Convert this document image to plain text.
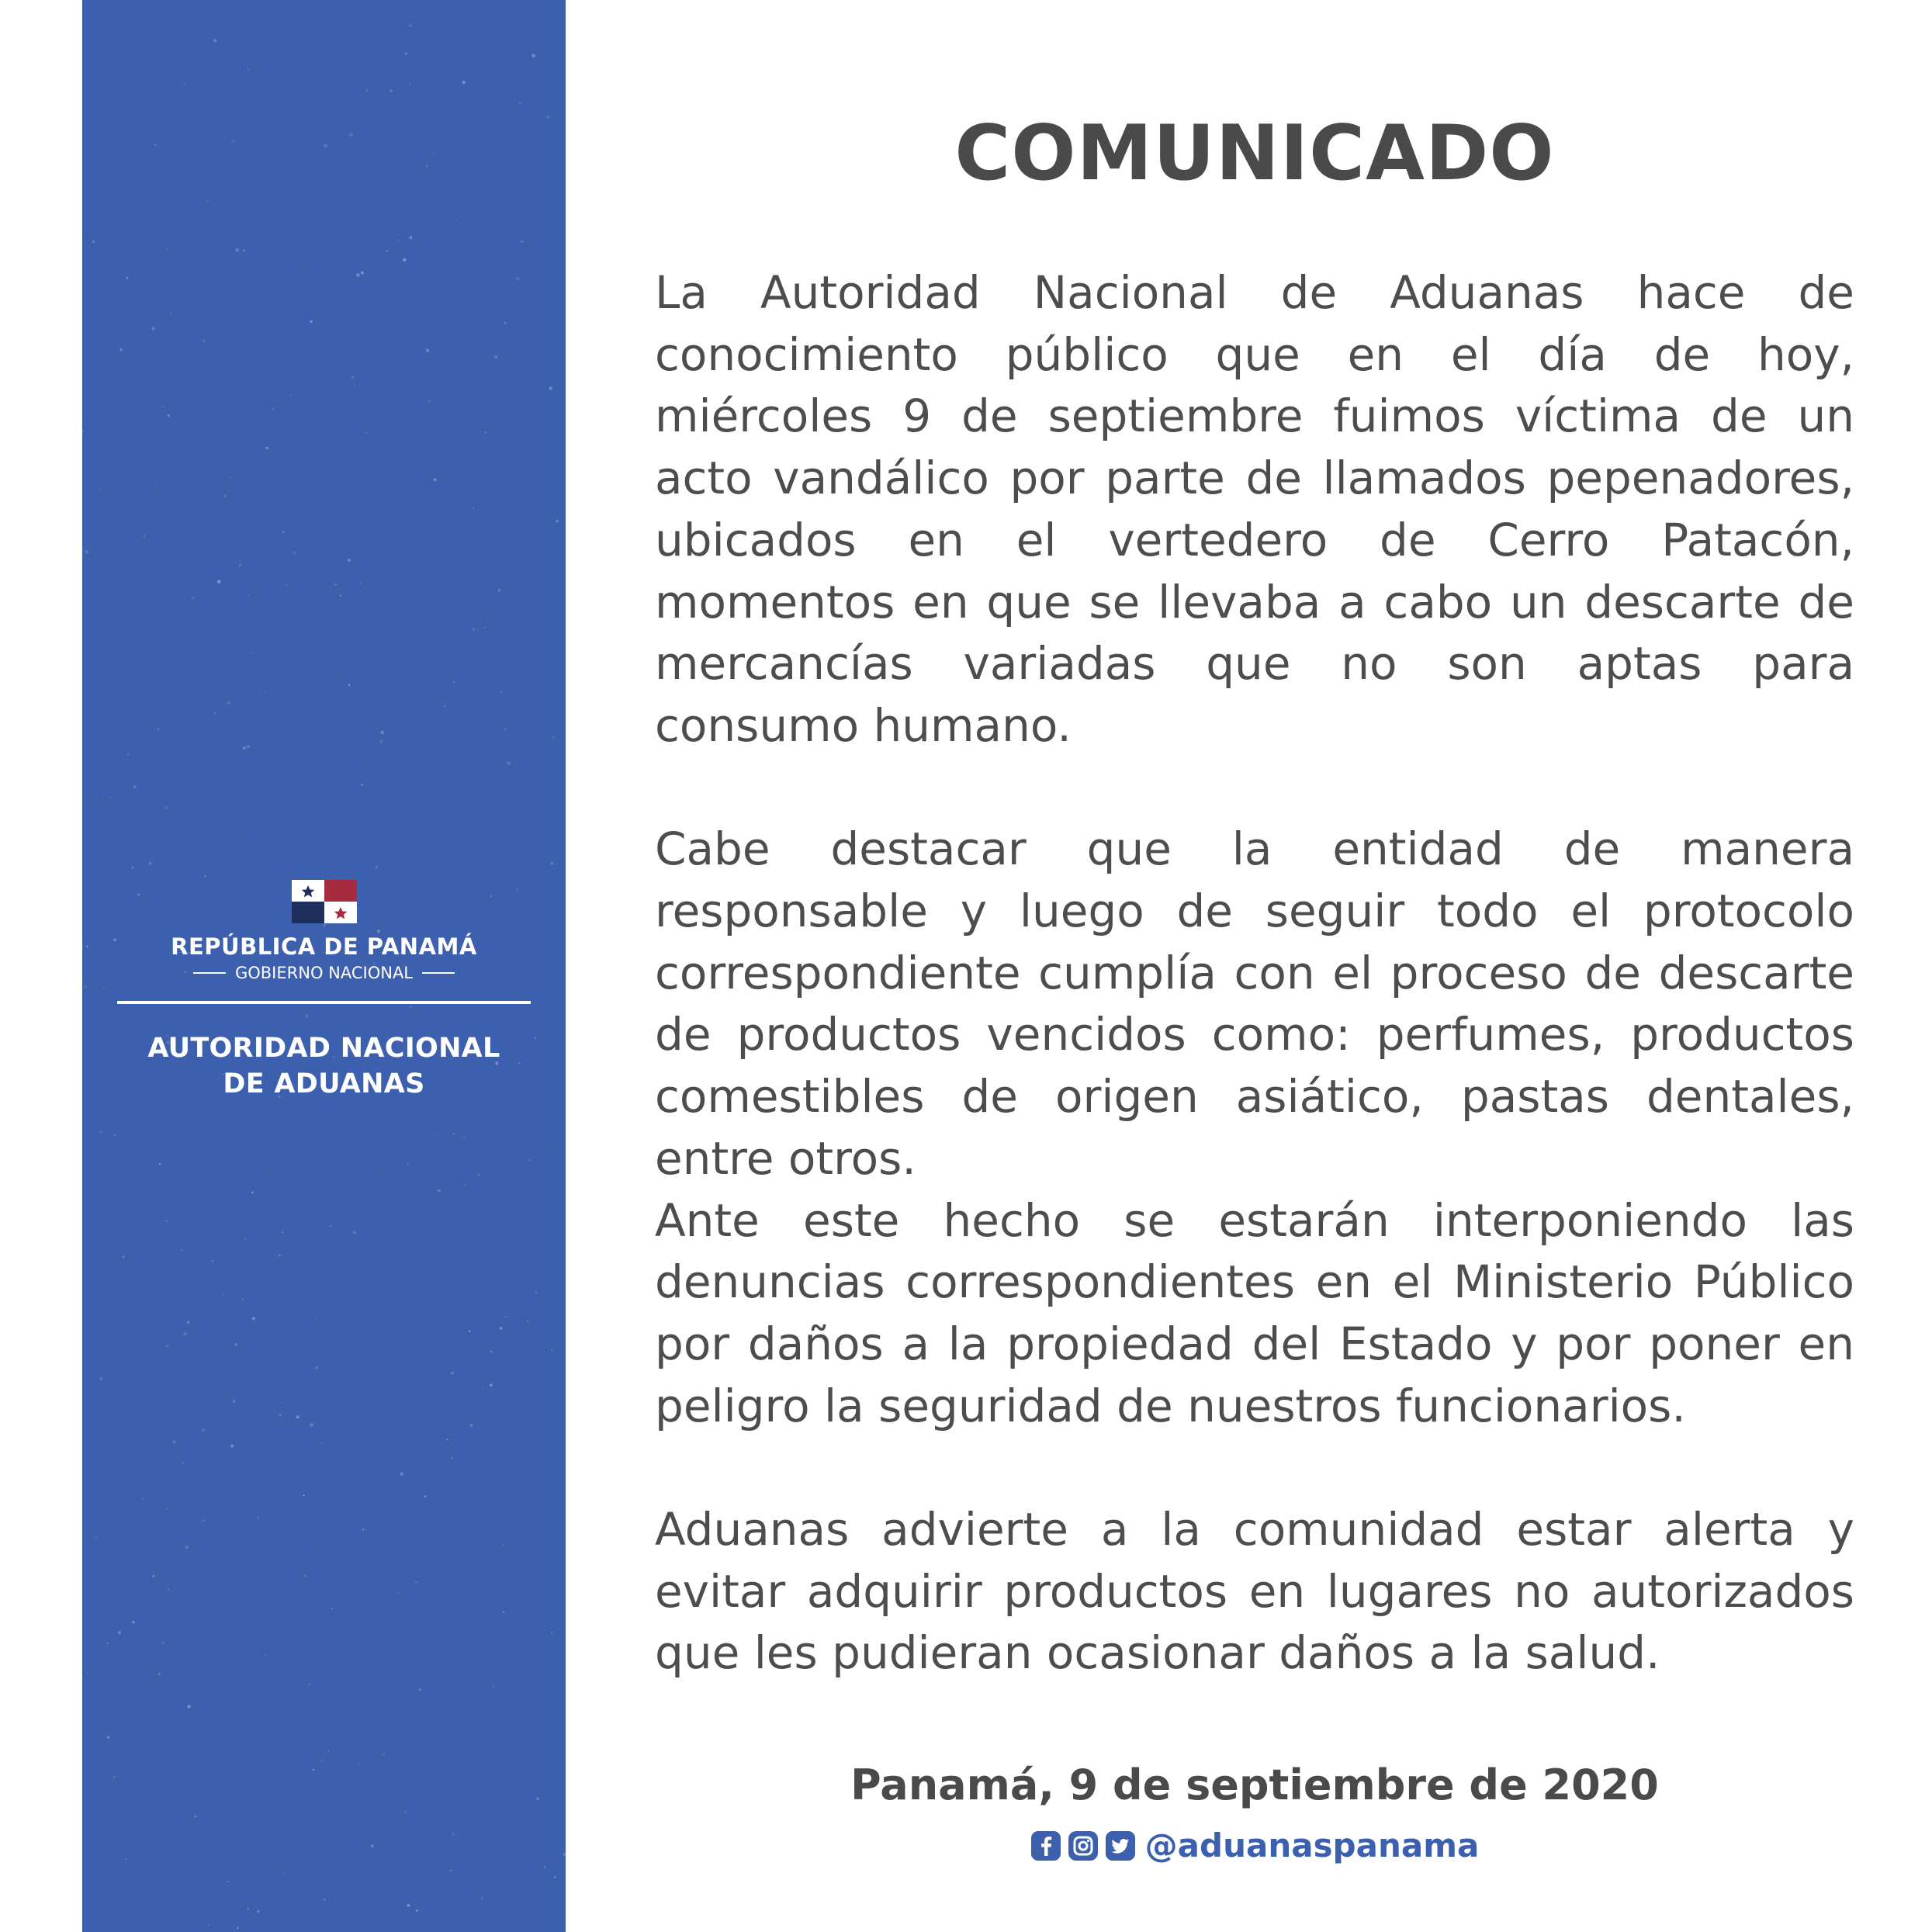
REPÚBLICA DE PANAMÁ
GOBIERNO NACIONAL
AUTORIDAD NACIONAL
DE ADUANAS
COMUNICADO

La Autoridad Nacional de Aduanas hace de conocimiento público que en el día de hoy, miércoles 9 de septiembre fuimos víctima de un acto vandálico por parte de llamados pepenadores, ubicados en el vertedero de Cerro Patacón, momentos en que se llevaba a cabo un descarte de mercancías variadas que no son aptas para consumo humano.

Cabe destacar que la entidad de manera responsable y luego de seguir todo el protocolo correspondiente cumplía con el proceso de descarte de productos vencidos como: perfumes, productos comestibles de origen asiático, pastas dentales, entre otros.

Ante este hecho se estarán interponiendo las denuncias correspondientes en el Ministerio Público por daños a la propiedad del Estado y por poner en peligro la seguridad de nuestros funcionarios.

Aduanas advierte a la comunidad estar alerta y evitar adquirir productos en lugares no autorizados que les pudieran ocasionar daños a la salud.

Panamá, 9 de septiembre de 2020
@aduanaspanama
